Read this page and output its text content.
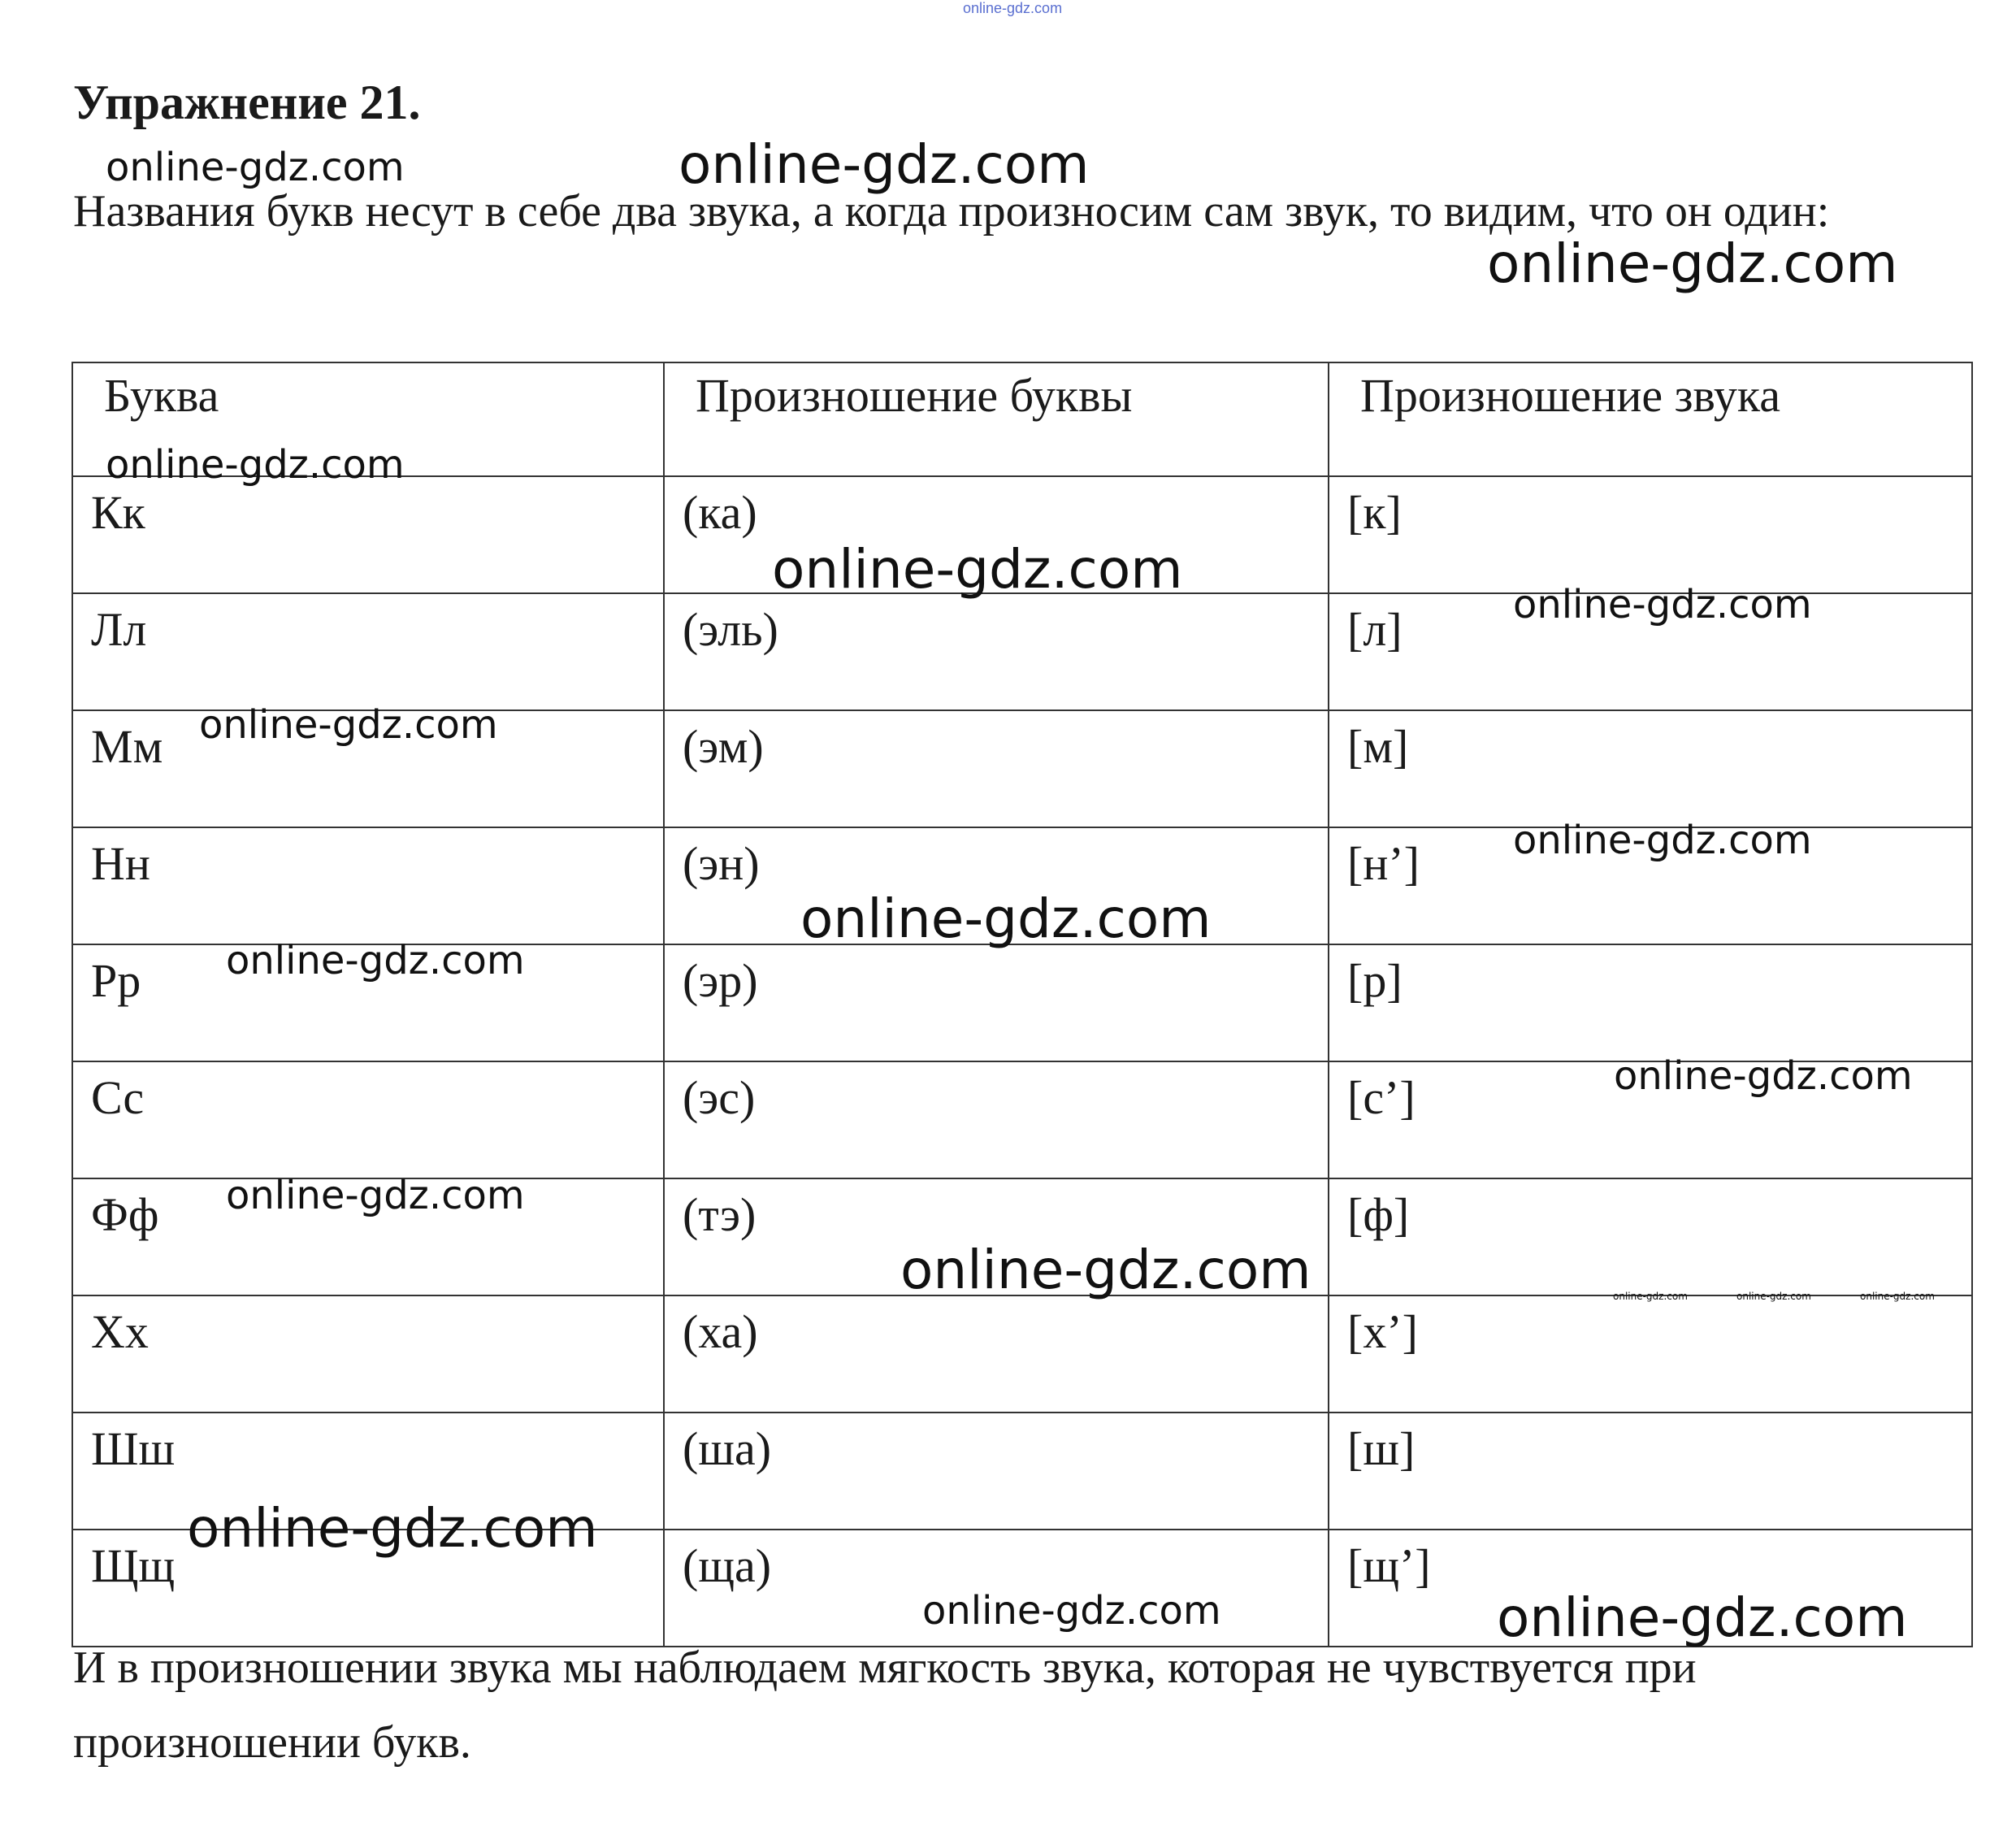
online-gdz.com
Упражнение 21.
Названия букв несут в себе два звука, а когда произносим сам звук, то видим, что он один:
Буква	Произношение буквы	Произношение звука
Кк	(ка)	[к]
Лл	(эль)	[л]
Мм	(эм)	[м]
Нн	(эн)	[н’]
Рр	(эр)	[р]
Сс	(эс)	[с’]
Фф	(тэ)	[ф]
Хх	(ха)	[х’]
Шш	(ша)	[ш]
Щщ	(ща)	[щ’]
И в произношении звука мы наблюдаем мягкость звука, которая не чувствуется при произношении букв.
online-gdz.com	online-gdz.com
online-gdz.com
online-gdz.com
online-gdz.com
online-gdz.com
online-gdz.com
online-gdz.com
online-gdz.com
online-gdz.com
online-gdz.com
online-gdz.com
online-gdz.com	online-gdz.com	online-gdz.com	online-gdz.com
online-gdz.com
online-gdz.com	online-gdz.com
